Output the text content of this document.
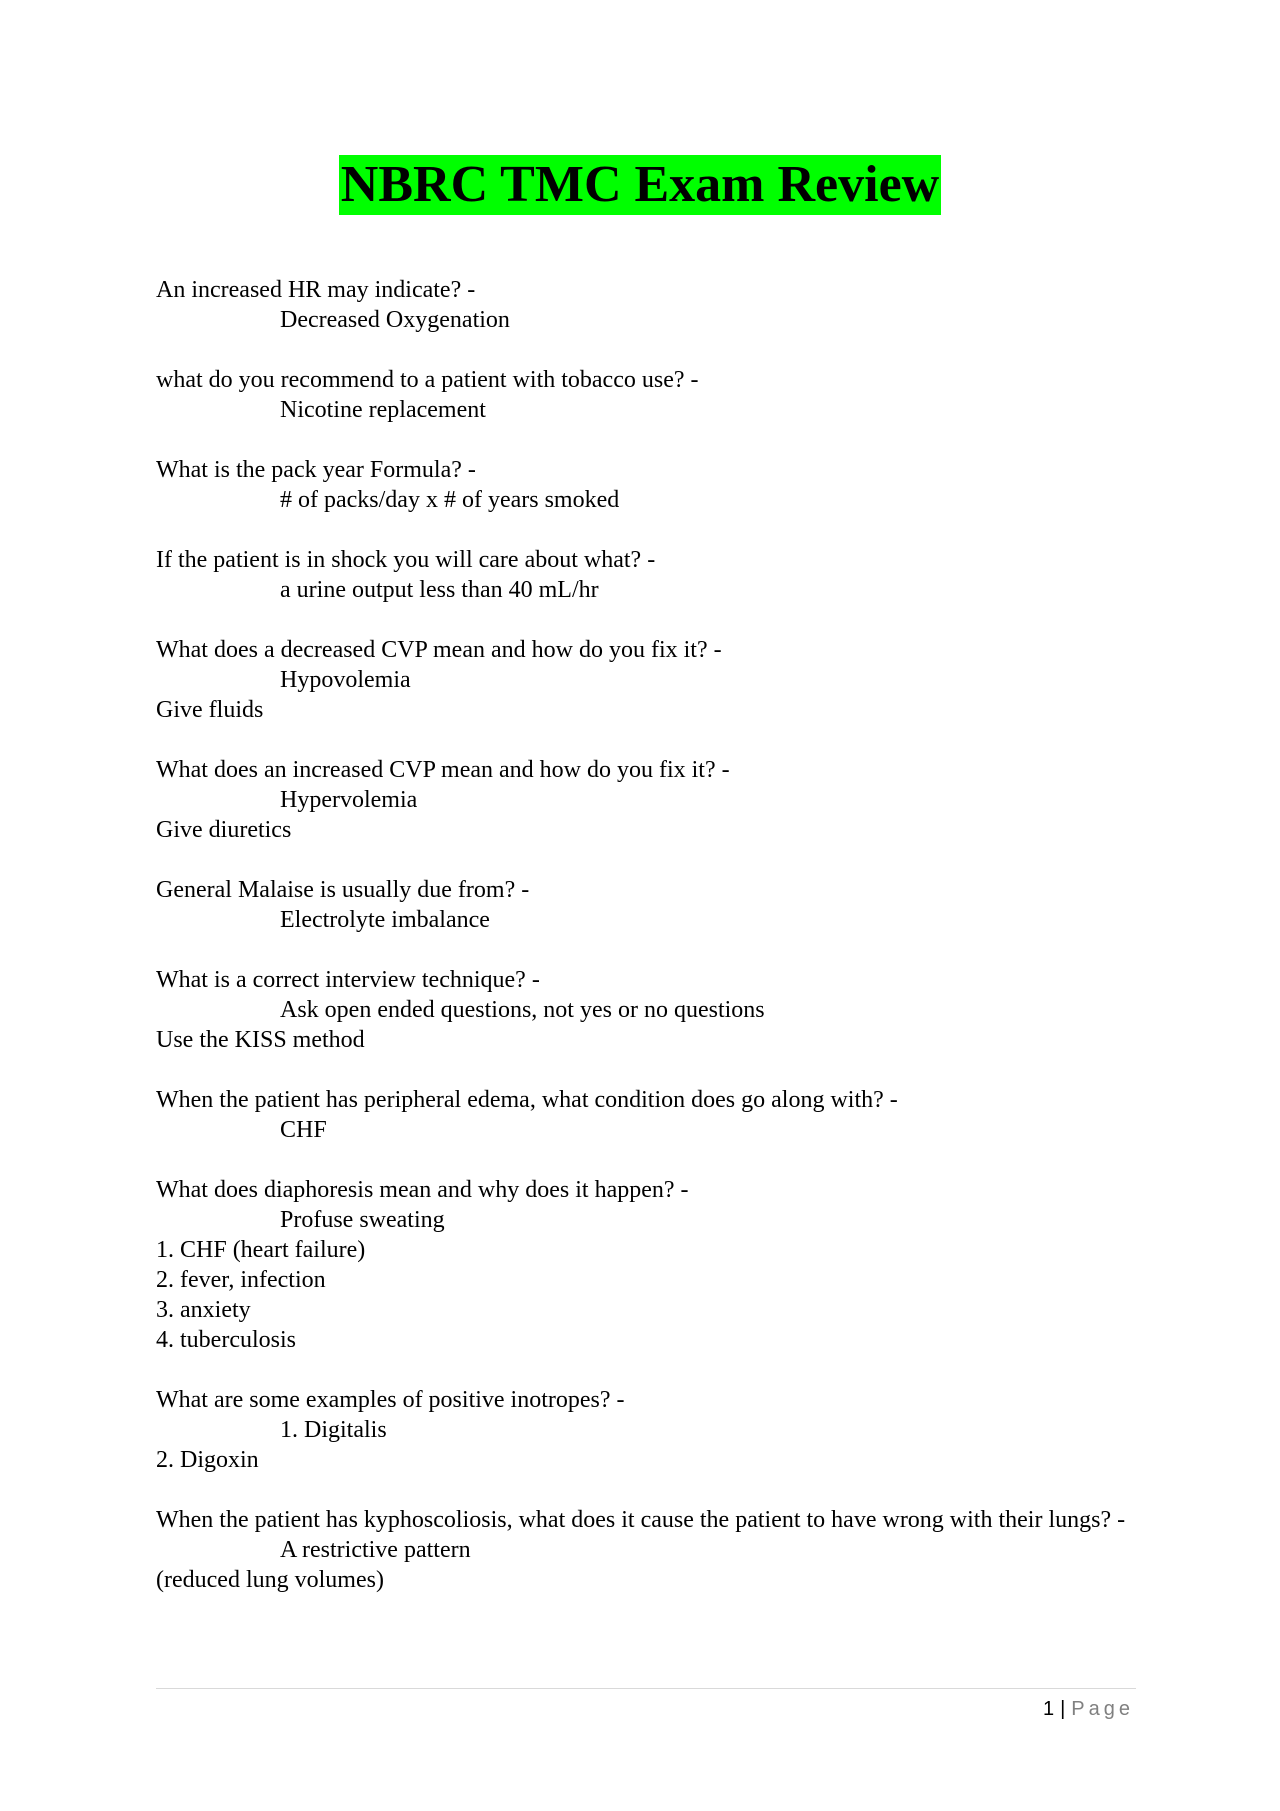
NBRC TMC Exam Review
An increased HR may indicate? -
Decreased Oxygenation
what do you recommend to a patient with tobacco use? -
Nicotine replacement
What is the pack year Formula? -
# of packs/day x # of years smoked
If the patient is in shock you will care about what? -
a urine output less than 40 mL/hr
What does a decreased CVP mean and how do you fix it? -
Hypovolemia
Give fluids
What does an increased CVP mean and how do you fix it? -
Hypervolemia
Give diuretics
General Malaise is usually due from? -
Electrolyte imbalance
What is a correct interview technique? -
Ask open ended questions, not yes or no questions
Use the KISS method
When the patient has peripheral edema, what condition does go along with? -
CHF
What does diaphoresis mean and why does it happen? -
Profuse sweating
1. CHF (heart failure)
2. fever, infection
3. anxiety
4. tuberculosis
What are some examples of positive inotropes? -
1. Digitalis
2. Digoxin
When the patient has kyphoscoliosis, what does it cause the patient to have wrong with their lungs? -
A restrictive pattern
(reduced lung volumes)
1 | Page
